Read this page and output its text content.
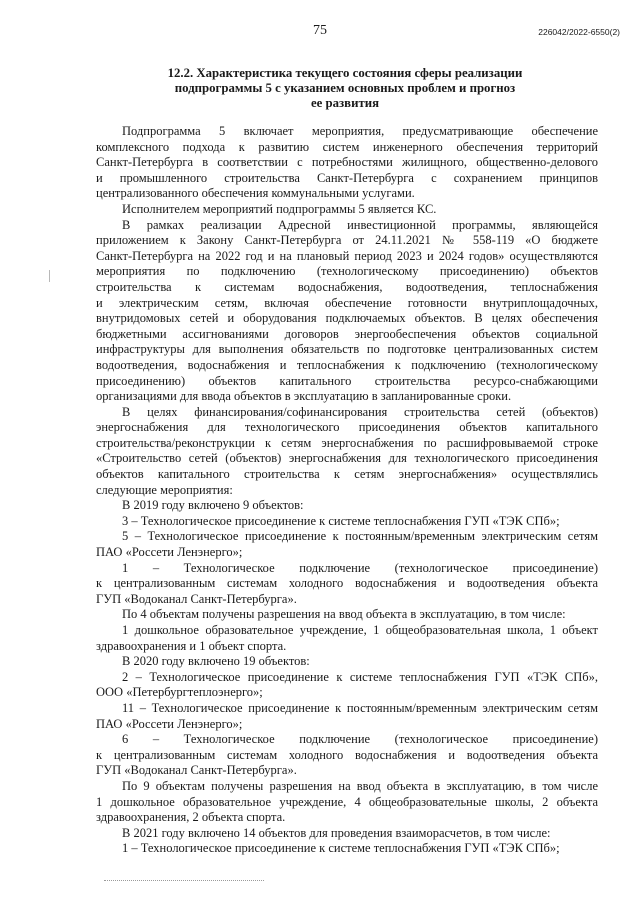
75	226042/2022-6550(2)
12.2. Характеристика текущего состояния сферы реализации
подпрограммы 5 с указанием основных проблем и прогноз
ее развития
Подпрограмма 5 включает мероприятия, предусматривающие обеспечение
комплексного подхода к развитию систем инженерного обеспечения территорий
Санкт-Петербурга в соответствии с потребностями жилищного, общественно-делового
и промышленного строительства Санкт-Петербурга с сохранением принципов
централизованного обеспечения коммунальными услугами.
Исполнителем мероприятий подпрограммы 5 является КС.
В рамках реализации Адресной инвестиционной программы, являющейся
приложением к Закону Санкт-Петербурга от 24.11.2021 № 558-119 «О бюджете
Санкт-Петербурга на 2022 год и на плановый период 2023 и 2024 годов» осуществляются
мероприятия по подключению (технологическому присоединению) объектов
строительства к системам водоснабжения, водоотведения, теплоснабжения
и электрическим сетям, включая обеспечение готовности внутриплощадочных,
внутридомовых сетей и оборудования подключаемых объектов. В целях обеспечения
бюджетными ассигнованиями договоров энергообеспечения объектов социальной
инфраструктуры для выполнения обязательств по подготовке централизованных систем
водоотведения, водоснабжения и теплоснабжения к подключению (технологическому
присоединению) объектов капитального строительства ресурсо-снабжающими
организациями для ввода объектов в эксплуатацию в запланированные сроки.
В целях финансирования/софинансирования строительства сетей (объектов)
энергоснабжения для технологического присоединения объектов капитального
строительства/реконструкции к сетям энергоснабжения по расшифровываемой строке
«Строительство сетей (объектов) энергоснабжения для технологического присоединения
объектов капитального строительства к сетям энергоснабжения» осуществлялись
следующие мероприятия:
В 2019 году включено 9 объектов:
3 – Технологическое присоединение к системе теплоснабжения ГУП «ТЭК СПб»;
5 – Технологическое присоединение к постоянным/временным электрическим сетям
ПАО «Россети Ленэнерго»;
1 – Технологическое подключение (технологическое присоединение)
к централизованным системам холодного водоснабжения и водоотведения объекта
ГУП «Водоканал Санкт-Петербурга».
По 4 объектам получены разрешения на ввод объекта в эксплуатацию, в том числе:
1 дошкольное образовательное учреждение, 1 общеобразовательная школа, 1 объект
здравоохранения и 1 объект спорта.
В 2020 году включено 19 объектов:
2 – Технологическое присоединение к системе теплоснабжения ГУП «ТЭК СПб»,
ООО «Петербургтеплоэнерго»;
11 – Технологическое присоединение к постоянным/временным электрическим сетям
ПАО «Россети Ленэнерго»;
6 – Технологическое подключение (технологическое присоединение)
к централизованным системам холодного водоснабжения и водоотведения объекта
ГУП «Водоканал Санкт-Петербурга».
По 9 объектам получены разрешения на ввод объекта в эксплуатацию, в том числе
1 дошкольное образовательное учреждение, 4 общеобразовательные школы, 2 объекта
здравоохранения, 2 объекта спорта.
В 2021 году включено 14 объектов для проведения взаиморасчетов, в том числе:
1 – Технологическое присоединение к системе теплоснабжения ГУП «ТЭК СПб»;
